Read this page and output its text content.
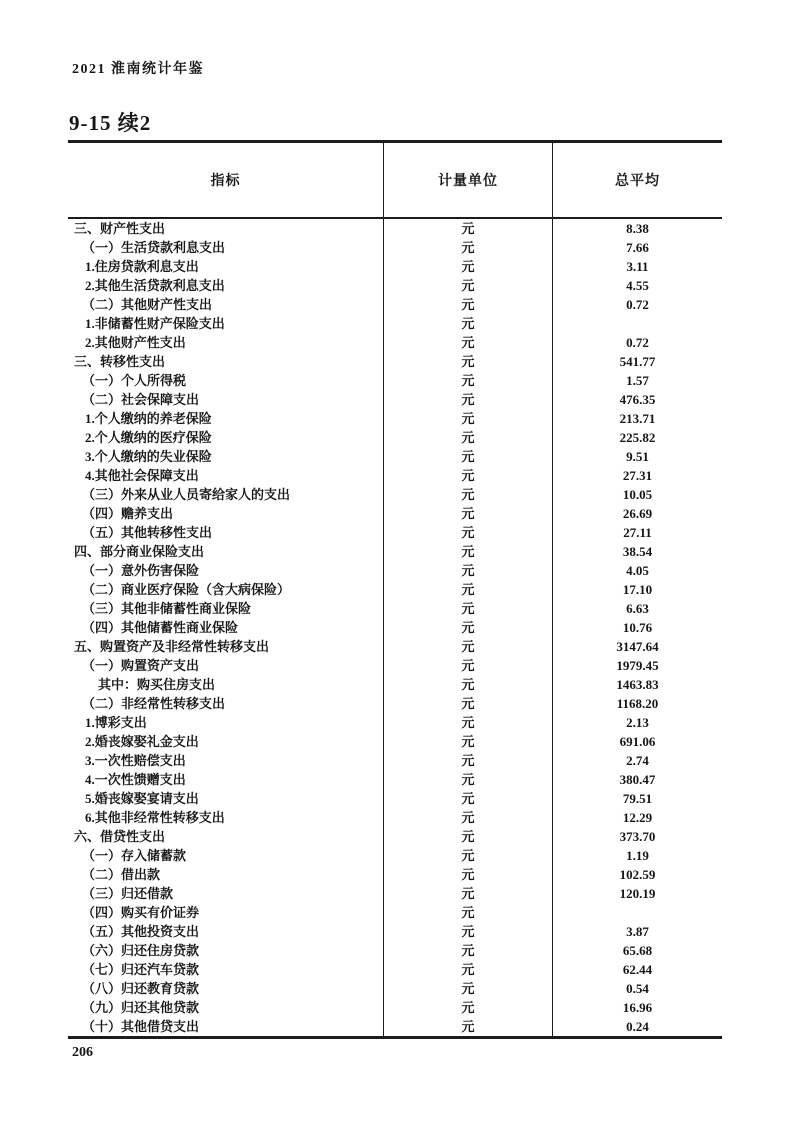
2021 淮南统计年鉴
9-15 续2
指标	计量单位	总平均
三、财产性支出	元	8.38
（一）生活贷款利息支出	元	7.66
1.住房贷款利息支出	元	3.11
2.其他生活贷款利息支出	元	4.55
（二）其他财产性支出	元	0.72
1.非储蓄性财产保险支出	元
2.其他财产性支出	元	0.72
三、转移性支出	元	541.77
（一）个人所得税	元	1.57
（二）社会保障支出	元	476.35
1.个人缴纳的养老保险	元	213.71
2.个人缴纳的医疗保险	元	225.82
3.个人缴纳的失业保险	元	9.51
4.其他社会保障支出	元	27.31
（三）外来从业人员寄给家人的支出	元	10.05
（四）赡养支出	元	26.69
（五）其他转移性支出	元	27.11
四、部分商业保险支出	元	38.54
（一）意外伤害保险	元	4.05
（二）商业医疗保险（含大病保险）	元	17.10
（三）其他非储蓄性商业保险	元	6.63
（四）其他储蓄性商业保险	元	10.76
五、购置资产及非经常性转移支出	元	3147.64
（一）购置资产支出	元	1979.45
其中：购买住房支出	元	1463.83
（二）非经常性转移支出	元	1168.20
1.博彩支出	元	2.13
2.婚丧嫁娶礼金支出	元	691.06
3.一次性赔偿支出	元	2.74
4.一次性馈赠支出	元	380.47
5.婚丧嫁娶宴请支出	元	79.51
6.其他非经常性转移支出	元	12.29
六、借贷性支出	元	373.70
（一）存入储蓄款	元	1.19
（二）借出款	元	102.59
（三）归还借款	元	120.19
（四）购买有价证券	元
（五）其他投资支出	元	3.87
（六）归还住房贷款	元	65.68
（七）归还汽车贷款	元	62.44
（八）归还教育贷款	元	0.54
（九）归还其他贷款	元	16.96
（十）其他借贷支出	元	0.24
206
